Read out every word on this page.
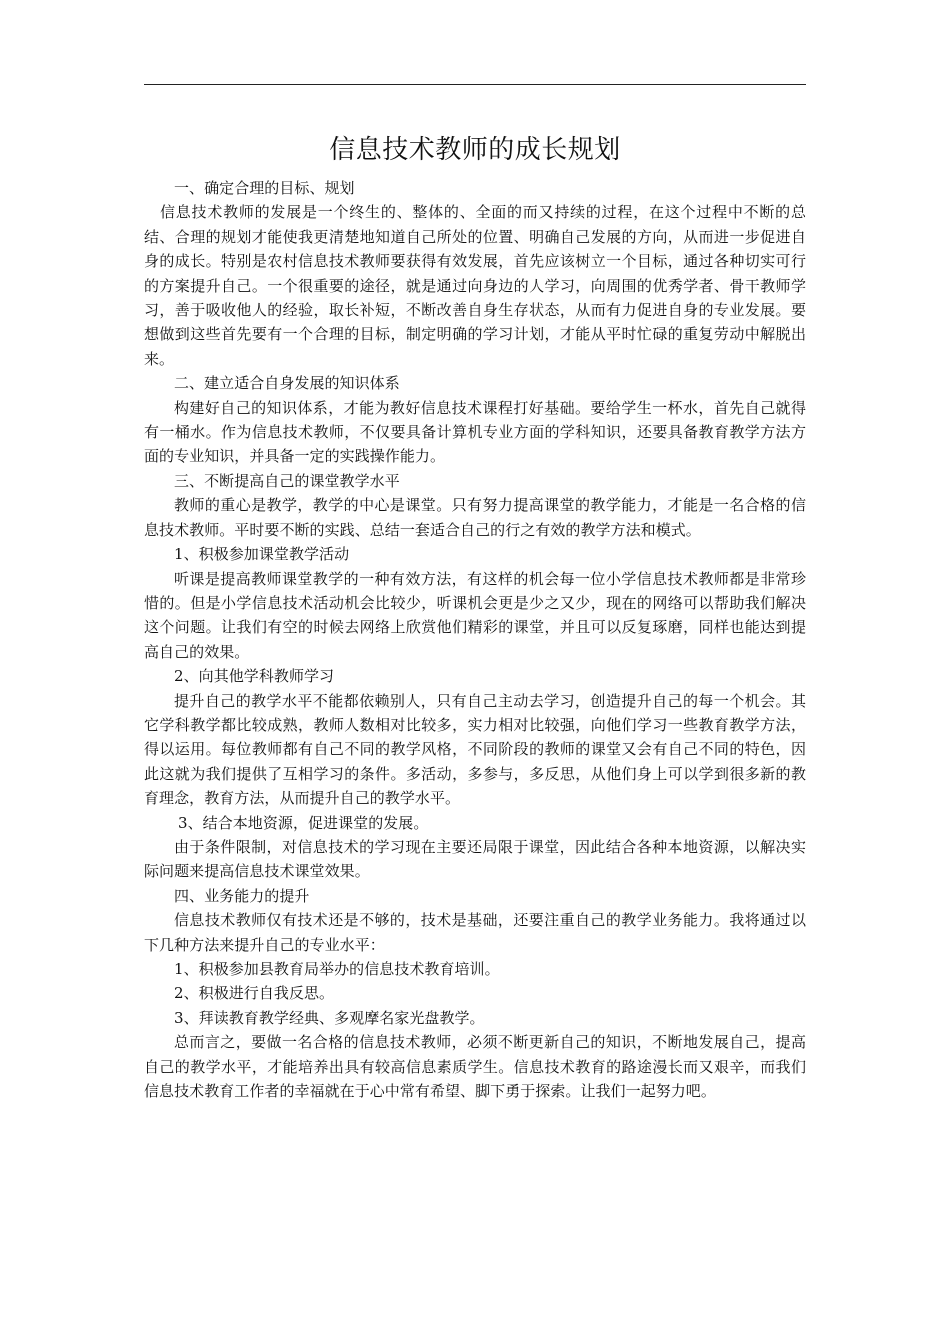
信息技术教师的成长规划

一、确定合理的目标、规划

信息技术教师的发展是一个终生的、整体的、全面的而又持续的过程，在这个过程中不断的总结、合理的规划才能使我更清楚地知道自己所处的位置、明确自己发展的方向，从而进一步促进自身的成长。特别是农村信息技术教师要获得有效发展，首先应该树立一个目标，通过各种切实可行的方案提升自己。一个很重要的途径，就是通过向身边的人学习，向周围的优秀学者、骨干教师学习，善于吸收他人的经验，取长补短，不断改善自身生存状态，从而有力促进自身的专业发展。要想做到这些首先要有一个合理的目标，制定明确的学习计划，才能从平时忙碌的重复劳动中解脱出来。

二、建立适合自身发展的知识体系

构建好自己的知识体系，才能为教好信息技术课程打好基础。要给学生一杯水，首先自己就得有一桶水。作为信息技术教师，不仅要具备计算机专业方面的学科知识，还要具备教育教学方法方面的专业知识，并具备一定的实践操作能力。

三、不断提高自己的课堂教学水平

教师的重心是教学，教学的中心是课堂。只有努力提高课堂的教学能力，才能是一名合格的信息技术教师。平时要不断的实践、总结一套适合自己的行之有效的教学方法和模式。

1、积极参加课堂教学活动

听课是提高教师课堂教学的一种有效方法，有这样的机会每一位小学信息技术教师都是非常珍惜的。但是小学信息技术活动机会比较少，听课机会更是少之又少，现在的网络可以帮助我们解决这个问题。让我们有空的时候去网络上欣赏他们精彩的课堂，并且可以反复琢磨，同样也能达到提高自己的效果。

2、向其他学科教师学习

提升自己的教学水平不能都依赖别人，只有自己主动去学习，创造提升自己的每一个机会。其它学科教学都比较成熟，教师人数相对比较多，实力相对比较强，向他们学习一些教育教学方法，得以运用。每位教师都有自己不同的教学风格，不同阶段的教师的课堂又会有自己不同的特色，因此这就为我们提供了互相学习的条件。多活动，多参与，多反思，从他们身上可以学到很多新的教育理念，教育方法，从而提升自己的教学水平。

3、结合本地资源，促进课堂的发展。

由于条件限制，对信息技术的学习现在主要还局限于课堂，因此结合各种本地资源，以解决实际问题来提高信息技术课堂效果。

四、业务能力的提升

信息技术教师仅有技术还是不够的，技术是基础，还要注重自己的教学业务能力。我将通过以下几种方法来提升自己的专业水平：

1、积极参加县教育局举办的信息技术教育培训。

2、积极进行自我反思。

3、拜读教育教学经典、多观摩名家光盘教学。

总而言之，要做一名合格的信息技术教师，必须不断更新自己的知识，不断地发展自己，提高自己的教学水平，才能培养出具有较高信息素质学生。信息技术教育的路途漫长而又艰辛，而我们信息技术教育工作者的幸福就在于心中常有希望、脚下勇于探索。让我们一起努力吧。
